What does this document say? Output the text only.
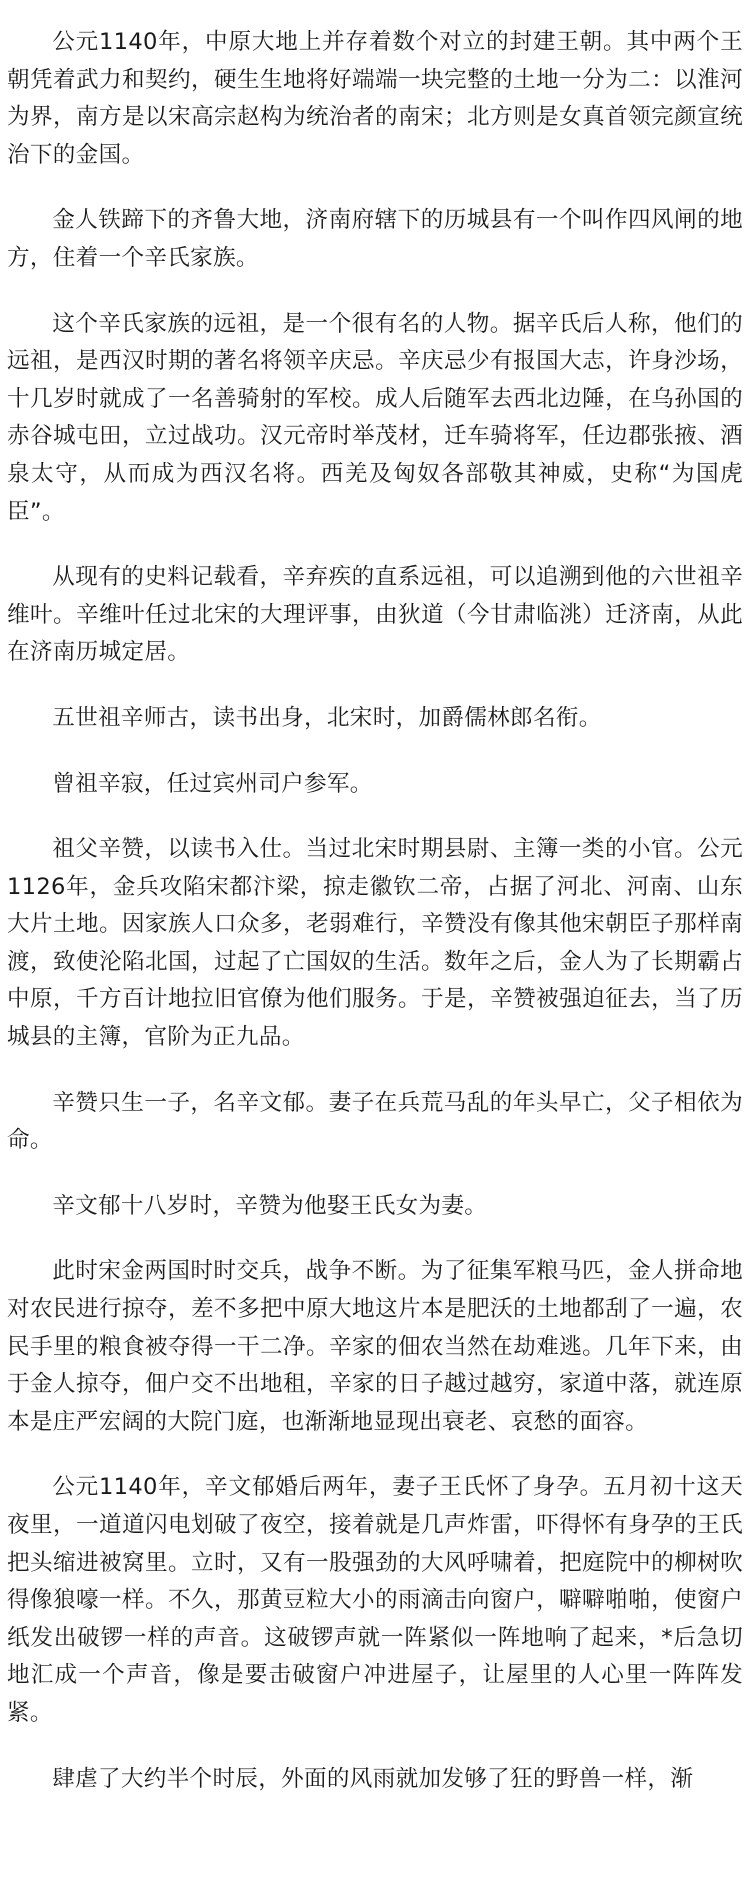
公元1140年，中原大地上并存着数个对立的封建王朝。其中两个王朝凭着武力和契约，硬生生地将好端端一块完整的土地一分为二：以淮河为界，南方是以宋高宗赵构为统治者的南宋；北方则是女真首领完颜宣统治下的金国。

金人铁蹄下的齐鲁大地，济南府辖下的历城县有一个叫作四风闸的地方，住着一个辛氏家族。

这个辛氏家族的远祖，是一个很有名的人物。据辛氏后人称，他们的远祖，是西汉时期的著名将领辛庆忌。辛庆忌少有报国大志，许身沙场，十几岁时就成了一名善骑射的军校。成人后随军去西北边陲，在乌孙国的赤谷城屯田，立过战功。汉元帝时举茂材，迁车骑将军，任边郡张掖、酒泉太守，从而成为西汉名将。西羌及匈奴各部敬其神威，史称“为国虎臣”。

从现有的史料记载看，辛弃疾的直系远祖，可以追溯到他的六世祖辛维叶。辛维叶任过北宋的大理评事，由狄道（今甘肃临洮）迁济南，从此在济南历城定居。

五世祖辛师古，读书出身，北宋时，加爵儒林郎名衔。

曾祖辛寂，任过宾州司户参军。

祖父辛赞，以读书入仕。当过北宋时期县尉、主簿一类的小官。公元1126年，金兵攻陷宋都汴梁，掠走徽钦二帝，占据了河北、河南、山东大片土地。因家族人口众多，老弱难行，辛赞没有像其他宋朝臣子那样南渡，致使沦陷北国，过起了亡国奴的生活。数年之后，金人为了长期霸占中原，千方百计地拉旧官僚为他们服务。于是，辛赞被强迫征去，当了历城县的主簿，官阶为正九品。

辛赞只生一子，名辛文郁。妻子在兵荒马乱的年头早亡，父子相依为命。

辛文郁十八岁时，辛赞为他娶王氏女为妻。

此时宋金两国时时交兵，战争不断。为了征集军粮马匹，金人拼命地对农民进行掠夺，差不多把中原大地这片本是肥沃的土地都刮了一遍，农民手里的粮食被夺得一干二净。辛家的佃农当然在劫难逃。几年下来，由于金人掠夺，佃户交不出地租，辛家的日子越过越穷，家道中落，就连原本是庄严宏阔的大院门庭，也渐渐地显现出衰老、哀愁的面容。

公元1140年，辛文郁婚后两年，妻子王氏怀了身孕。五月初十这天夜里，一道道闪电划破了夜空，接着就是几声炸雷，吓得怀有身孕的王氏把头缩进被窝里。立时，又有一股强劲的大风呼啸着，把庭院中的柳树吹得像狼嚎一样。不久，那黄豆粒大小的雨滴击向窗户，噼噼啪啪，使窗户纸发出破锣一样的声音。这破锣声就一阵紧似一阵地响了起来，*后急切地汇成一个声音，像是要击破窗户冲进屋子，让屋里的人心里一阵阵发紧。

肆虐了大约半个时辰，外面的风雨就加发够了狂的野兽一样，渐
